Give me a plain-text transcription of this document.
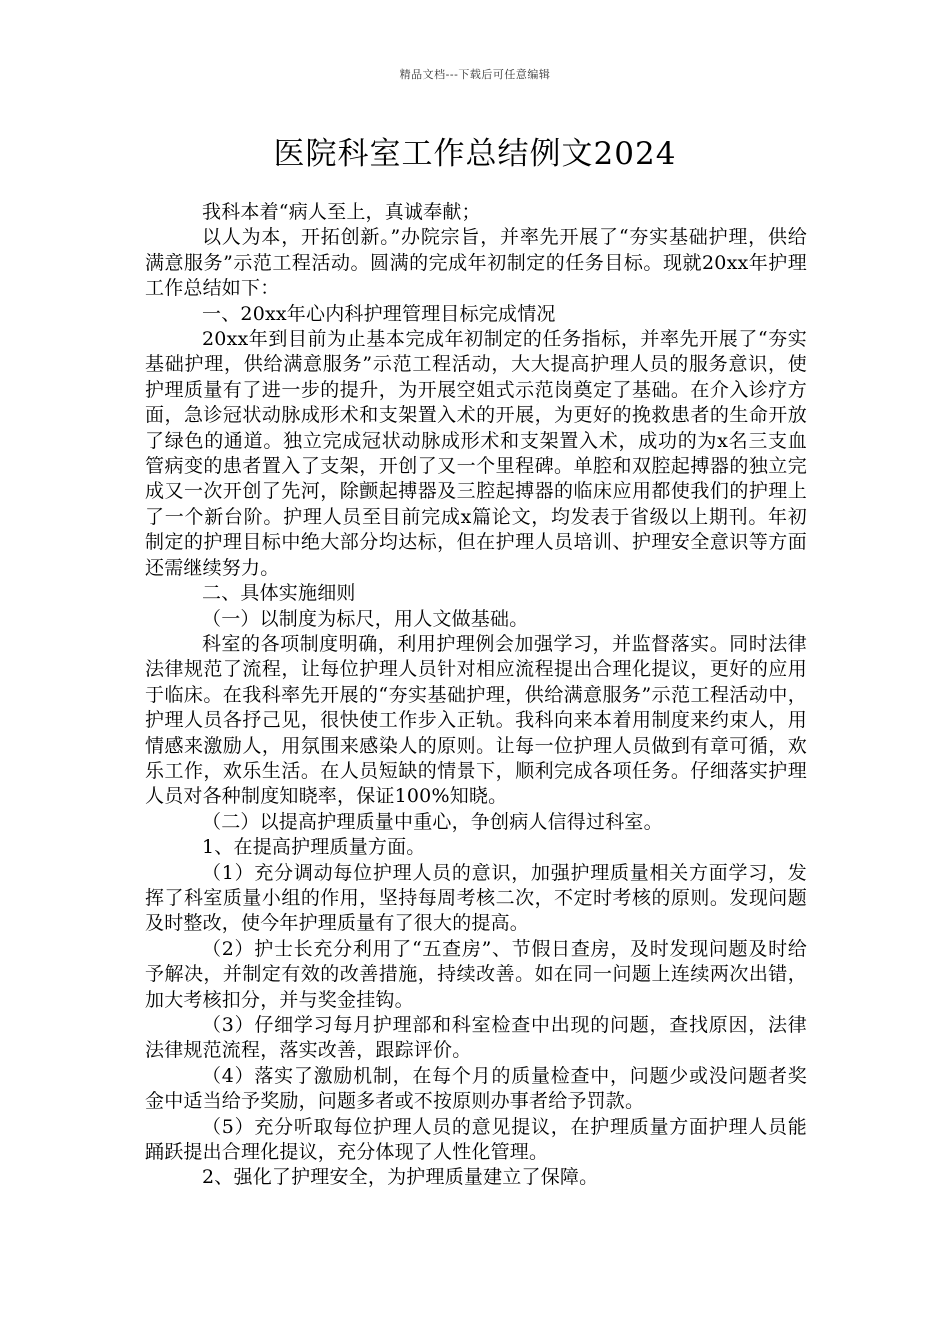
精品文档---下载后可任意编辑
医院科室工作总结例文2024

我科本着“病人至上，真诚奉献；

以人为本，开拓创新。”办院宗旨，并率先开展了“夯实基础护理，供给满意服务”示范工程活动。圆满的完成年初制定的任务目标。现就20xx年护理工作总结如下：

一、20xx年心内科护理管理目标完成情况

20xx年到目前为止基本完成年初制定的任务指标，并率先开展了“夯实基础护理，供给满意服务”示范工程活动，大大提高护理人员的服务意识，使护理质量有了进一步的提升，为开展空姐式示范岗奠定了基础。在介入诊疗方面，急诊冠状动脉成形术和支架置入术的开展，为更好的挽救患者的生命开放了绿色的通道。独立完成冠状动脉成形术和支架置入术，成功的为x名三支血管病变的患者置入了支架，开创了又一个里程碑。单腔和双腔起搏器的独立完成又一次开创了先河，除颤起搏器及三腔起搏器的临床应用都使我们的护理上了一个新台阶。护理人员至目前完成x篇论文，均发表于省级以上期刊。年初制定的护理目标中绝大部分均达标，但在护理人员培训、护理安全意识等方面还需继续努力。

二、具体实施细则

（一）以制度为标尺，用人文做基础。

科室的各项制度明确，利用护理例会加强学习，并监督落实。同时法律法律规范了流程，让每位护理人员针对相应流程提出合理化提议，更好的应用于临床。在我科率先开展的“夯实基础护理，供给满意服务”示范工程活动中，护理人员各抒己见，很快使工作步入正轨。我科向来本着用制度来约束人，用情感来激励人，用氛围来感染人的原则。让每一位护理人员做到有章可循，欢乐工作，欢乐生活。在人员短缺的情景下，顺利完成各项任务。仔细落实护理人员对各种制度知晓率，保证100%知晓。

（二）以提高护理质量中重心，争创病人信得过科室。

1、在提高护理质量方面。

（1）充分调动每位护理人员的意识，加强护理质量相关方面学习，发挥了科室质量小组的作用，坚持每周考核二次，不定时考核的原则。发现问题及时整改，使今年护理质量有了很大的提高。

（2）护士长充分利用了“五查房”、节假日查房，及时发现问题及时给予解决，并制定有效的改善措施，持续改善。如在同一问题上连续两次出错，加大考核扣分，并与奖金挂钩。

（3）仔细学习每月护理部和科室检查中出现的问题，查找原因，法律法律规范流程，落实改善，跟踪评价。

（4）落实了激励机制，在每个月的质量检查中，问题少或没问题者奖金中适当给予奖励，问题多者或不按原则办事者给予罚款。

（5）充分听取每位护理人员的意见提议，在护理质量方面护理人员能踊跃提出合理化提议，充分体现了人性化管理。

2、强化了护理安全，为护理质量建立了保障。
